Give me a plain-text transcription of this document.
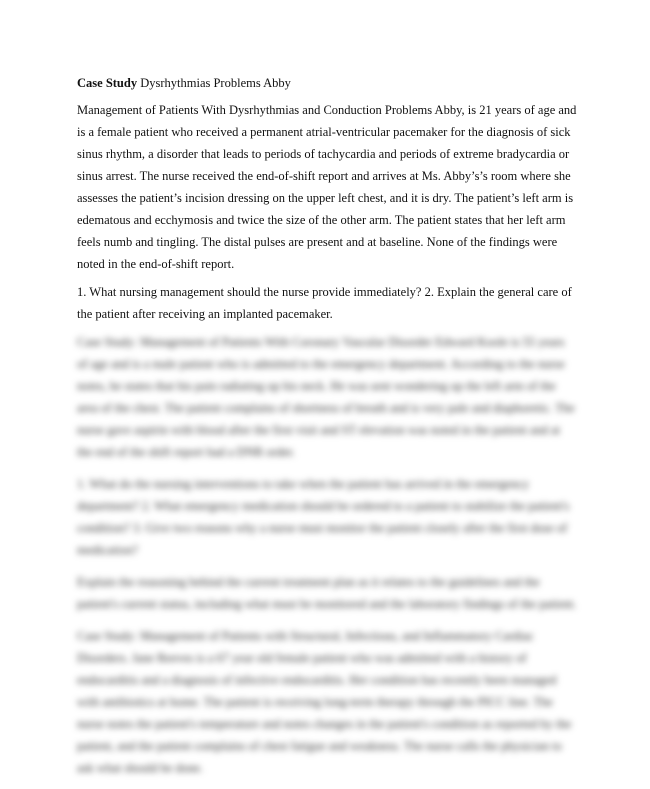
Case Study Dysrhythmias Problems Abby

Management of Patients With Dysrhythmias and Conduction Problems Abby, is 21 years of age and is a female patient who received a permanent atrial-ventricular pacemaker for the diagnosis of sick sinus rhythm, a disorder that leads to periods of tachycardia and periods of extreme bradycardia or sinus arrest. The nurse received the end-of-shift report and arrives at Ms. Abby’s’s room where she assesses the patient’s incision dressing on the upper left chest, and it is dry. The patient’s left arm is edematous and ecchymosis and twice the size of the other arm. The patient states that her left arm feels numb and tingling. The distal pulses are present and at baseline. None of the findings were noted in the end-of-shift report.

1. What nursing management should the nurse provide immediately? 2. Explain the general care of the patient after receiving an implanted pacemaker.

Case Study: Management of Patients With Coronary Vascular Disorder Edward Koole is 55 years of age and is a male patient who is admitted to the emergency department. According to the nurse notes, he states that his pain radiating up his neck. He was sent wondering up the left arm of the area of the chest. The patient complains of shortness of breath and is very pale and diaphoretic. The nurse gave aspirin with blood after the first visit and ST elevation was noted in the patient and at the end of the shift report had a DNR order.

1. What do the nursing interventions to take when the patient has arrived in the emergency department? 2. What emergency medication should be ordered to a patient to stabilize the patient's condition? 3. Give two reasons why a nurse must monitor the patient closely after the first dose of medication?

Explain the reasoning behind the current treatment plan as it relates to the guidelines and the patient's current status, including what must be monitored and the laboratory findings of the patient.

Case Study: Management of Patients with Structural, Infectious, and Inflammatory Cardiac Disorders. Jane Reeves is a 67 year old female patient who was admitted with a history of endocarditis and a diagnosis of infective endocarditis. Her condition has recently been managed with antibiotics at home. The patient is receiving long-term therapy through the PICC line. The nurse notes the patient's temperature and notes changes in the patient's condition as reported by the patient, and the patient complains of chest fatigue and weakness. The nurse calls the physician to ask what should be done.
